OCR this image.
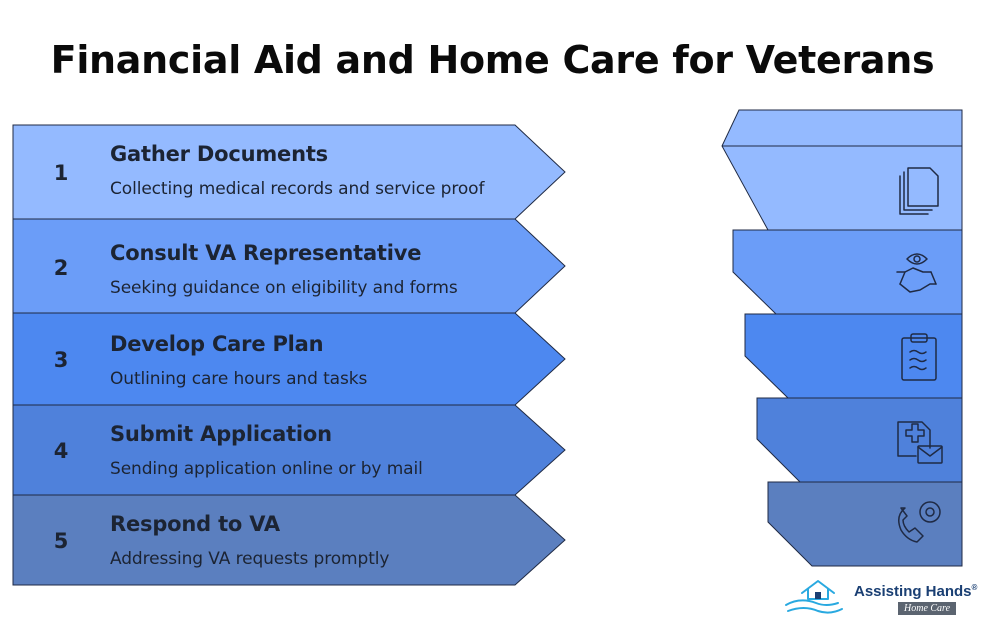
Financial Aid and Home Care for Veterans
1
Gather Documents
Collecting medical records and service proof
2
Consult VA Representative
Seeking guidance on eligibility and forms
3
Develop Care Plan
Outlining care hours and tasks
4
Submit Application
Sending application online or by mail
5
Respond to VA
Addressing VA requests promptly
Assisting Hands®
Home Care
